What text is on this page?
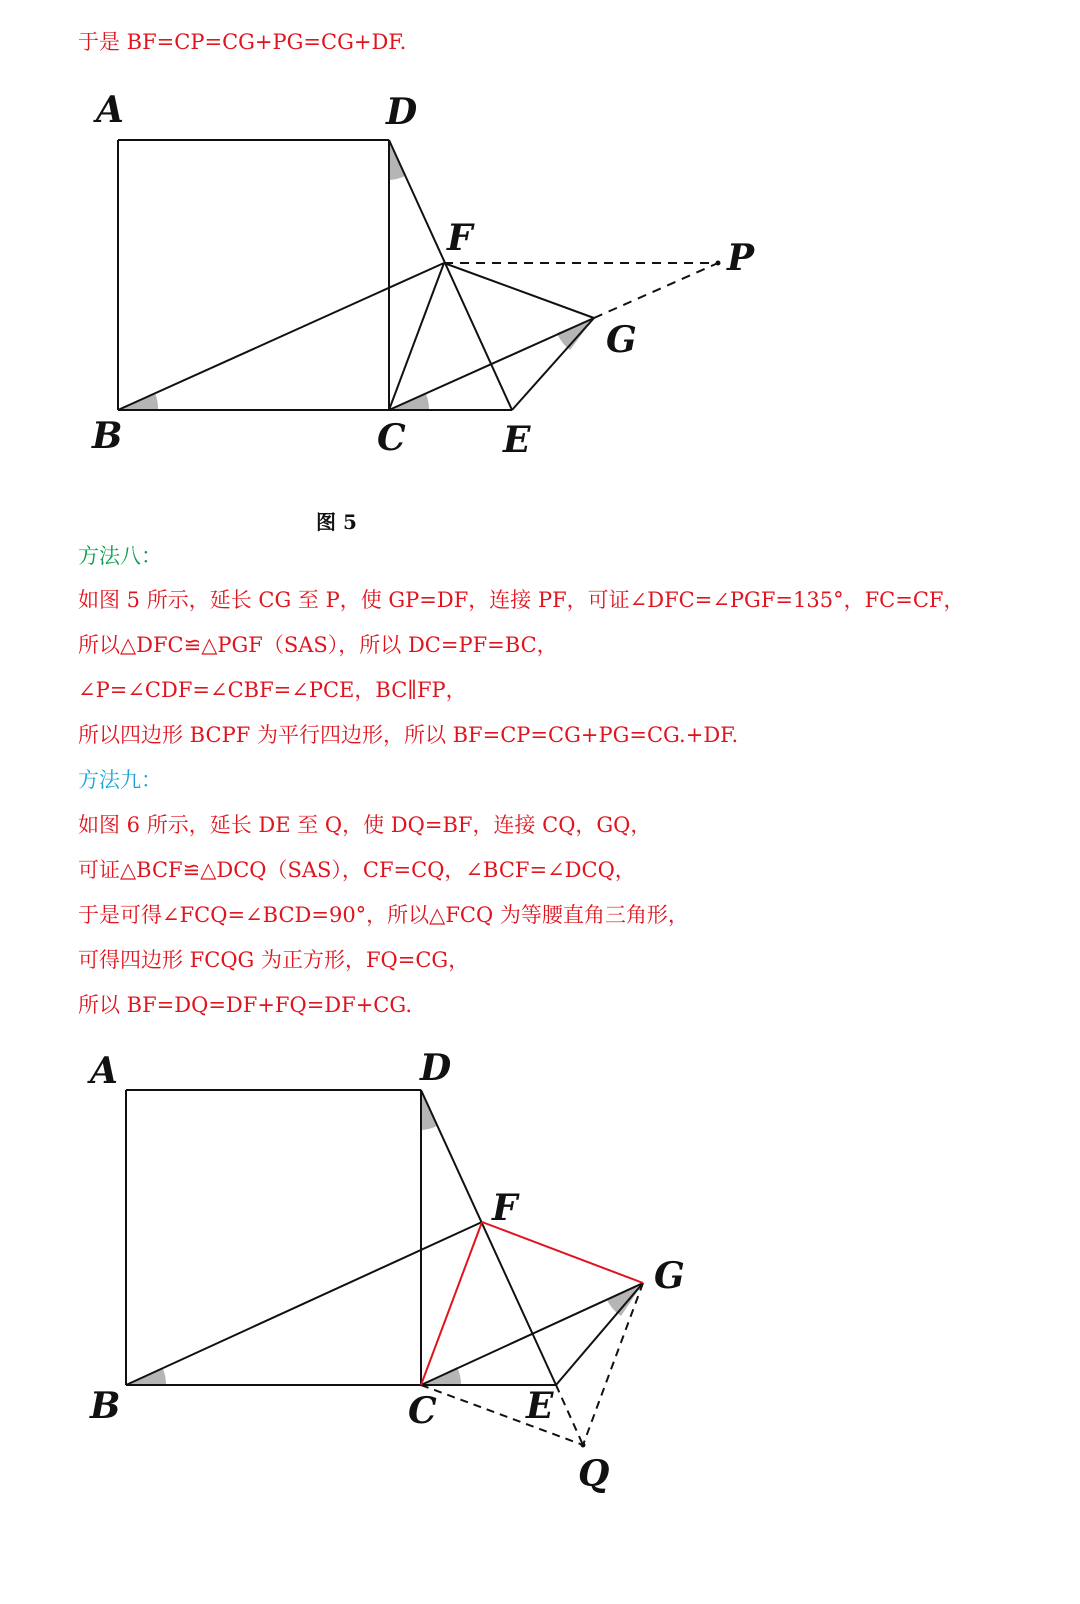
于是 BF=CP=CG+PG=CG+DF.
图 5
方法八：
如图 5 所示，延长 CG 至 P，使 GP=DF，连接 PF，可证∠DFC=∠PGF=135°，FC=CF，
所以△DFC≌△PGF（SAS），所以 DC=PF=BC，
∠P=∠CDF=∠CBF=∠PCE，BC∥FP，
所以四边形 BCPF 为平行四边形，所以 BF=CP=CG+PG=CG.+DF.
方法九：
如图 6 所示，延长 DE 至 Q，使 DQ=BF，连接 CQ，GQ，
可证△BCF≌△DCQ（SAS），CF=CQ，∠BCF=∠DCQ，
于是可得∠FCQ=∠BCD=90°，所以△FCQ 为等腰直角三角形，
可得四边形 FCQG 为正方形，FQ=CG，
所以 BF=DQ=DF+FQ=DF+CG.
A	D
F	P
G
B	C	E
A	D
F
G
B	C E
Q
